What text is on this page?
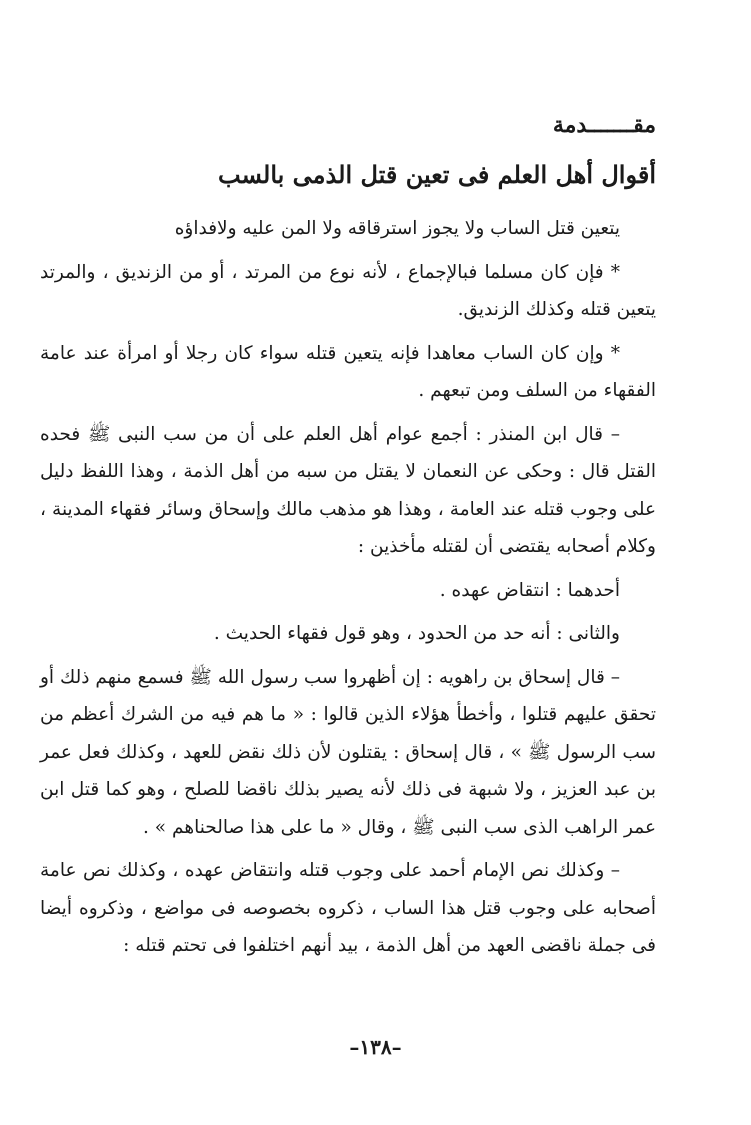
مقـــــــدمة
أقوال أهل العلم فى تعين قتل الذمى بالسب

يتعين قتل الساب ولا يجوز استرقاقه ولا المن عليه ولافداؤه

* فإن كان مسلما فبالإجماع ، لأنه نوع من المرتد ، أو من الزنديق ، والمرتد يتعين قتله وكذلك الزنديق.

* وإن كان الساب معاهدا فإنه يتعين قتله سواء كان رجلا أو امرأة عند عامة الفقهاء من السلف ومن تبعهم .

– قال ابن المنذر : أجمع عوام أهل العلم على أن من سب النبى ﷺ فحده القتل قال : وحكى عن النعمان لا يقتل من سبه من أهل الذمة ، وهذا اللفظ دليل على وجوب قتله عند العامة ، وهذا هو مذهب مالك وإسحاق وسائر فقهاء المدينة ، وكلام أصحابه يقتضى أن لقتله مأخذين :

أحدهما : انتقاض عهده .

والثانى : أنه حد من الحدود ، وهو قول فقهاء الحديث .

– قال إسحاق بن راهويه : إن أظهروا سب رسول الله ﷺ فسمع منهم ذلك أو تحقق عليهم قتلوا ، وأخطأ هؤلاء الذين قالوا : « ما هم فيه من الشرك أعظم من سب الرسول ﷺ » ، قال إسحاق : يقتلون لأن ذلك نقض للعهد ، وكذلك فعل عمر بن عبد العزيز ، ولا شبهة فى ذلك لأنه يصير بذلك ناقضا للصلح ، وهو كما قتل ابن عمر الراهب الذى سب النبى ﷺ ، وقال « ما على هذا صالحناهم » .

– وكذلك نص الإمام أحمد على وجوب قتله وانتقاض عهده ، وكذلك نص عامة أصحابه على وجوب قتل هذا الساب ، ذكروه بخصوصه فى مواضع ، وذكروه أيضا فى جملة ناقضى العهد من أهل الذمة ، بيد أنهم اختلفوا فى تحتم قتله :

–١٣٨–
